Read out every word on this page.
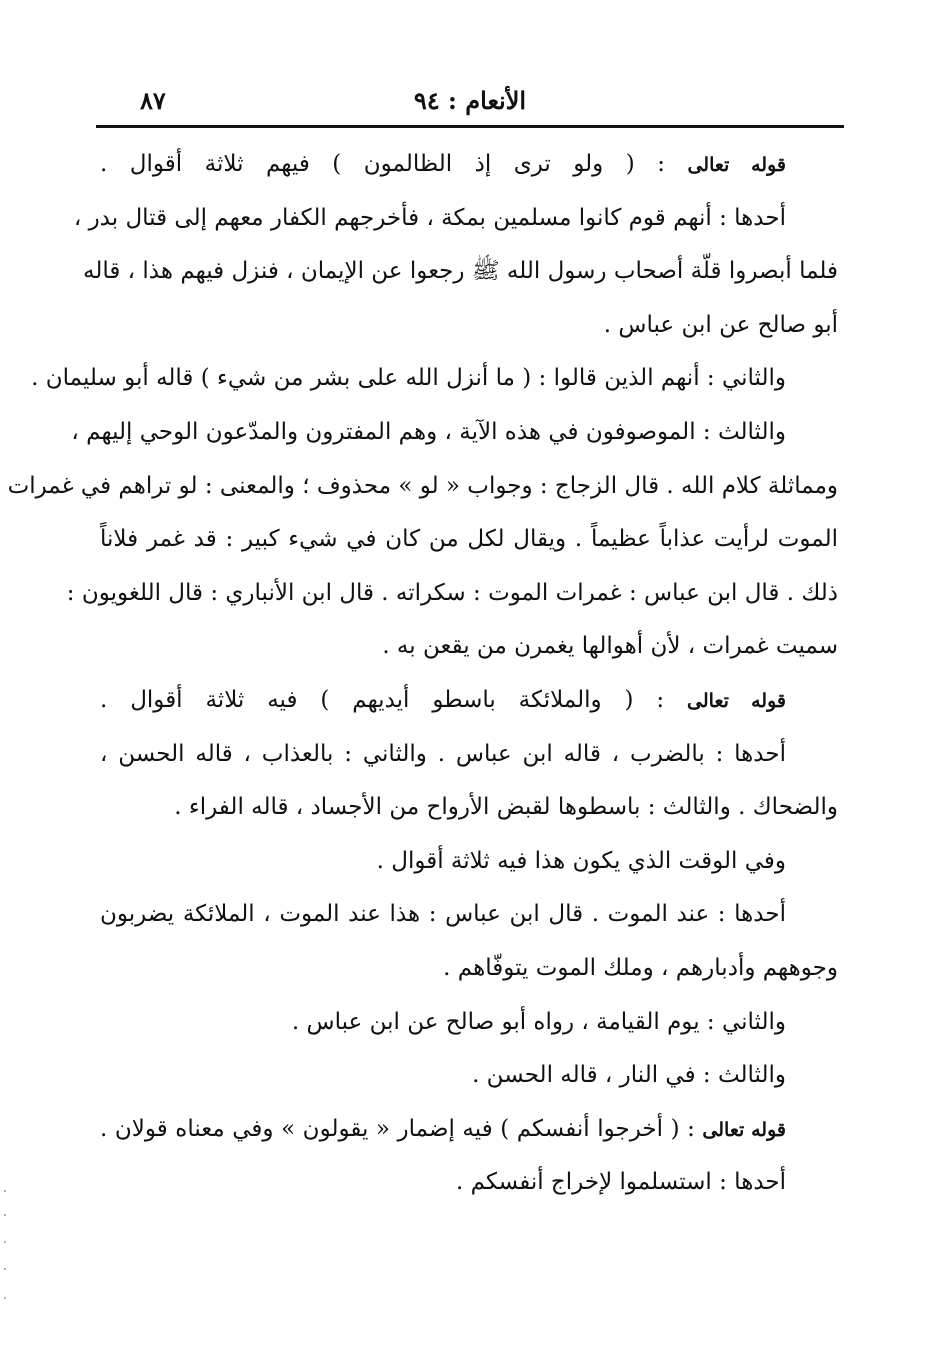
الأنعام : ٩٤
٨٧
قوله تعالى : ( ولو ترى إذ الظالمون ) فيهم ثلاثة أقوال .
أحدها : أنهم قوم كانوا مسلمين بمكة ، فأخرجهم الكفار معهم إلى قتال بدر ،
فلما أبصروا قلّة أصحاب رسول الله ﷺ رجعوا عن الإيمان ، فنزل فيهم هذا ، قاله
أبو صالح عن ابن عباس .
والثاني : أنهم الذين قالوا : ( ما أنزل الله على بشر من شيء ) قاله أبو سليمان .
والثالث : الموصوفون في هذه الآية ، وهم المفترون والمدّعون الوحي إليهم ،
ومماثلة كلام الله . قال الزجاج : وجواب « لو » محذوف ؛ والمعنى : لو تراهم في غمرات
الموت لرأيت عذاباً عظيماً . ويقال لكل من كان في شيء كبير : قد غمر فلاناً
ذلك . قال ابن عباس : غمرات الموت : سكراته . قال ابن الأنباري : قال اللغويون :
سميت غمرات ، لأن أهوالها يغمرن من يقعن به .
قوله تعالى : ( والملائكة باسطو أيديهم ) فيه ثلاثة أقوال .
أحدها : بالضرب ، قاله ابن عباس . والثاني : بالعذاب ، قاله الحسن ،
والضحاك . والثالث : باسطوها لقبض الأرواح من الأجساد ، قاله الفراء .
وفي الوقت الذي يكون هذا فيه ثلاثة أقوال .
أحدها : عند الموت . قال ابن عباس : هذا عند الموت ، الملائكة يضربون
وجوههم وأدبارهم ، وملك الموت يتوفّاهم .
والثاني : يوم القيامة ، رواه أبو صالح عن ابن عباس .
والثالث : في النار ، قاله الحسن .
قوله تعالى : ( أخرجوا أنفسكم ) فيه إضمار « يقولون » وفي معناه قولان .
أحدها : استسلموا لإخراج أنفسكم .
